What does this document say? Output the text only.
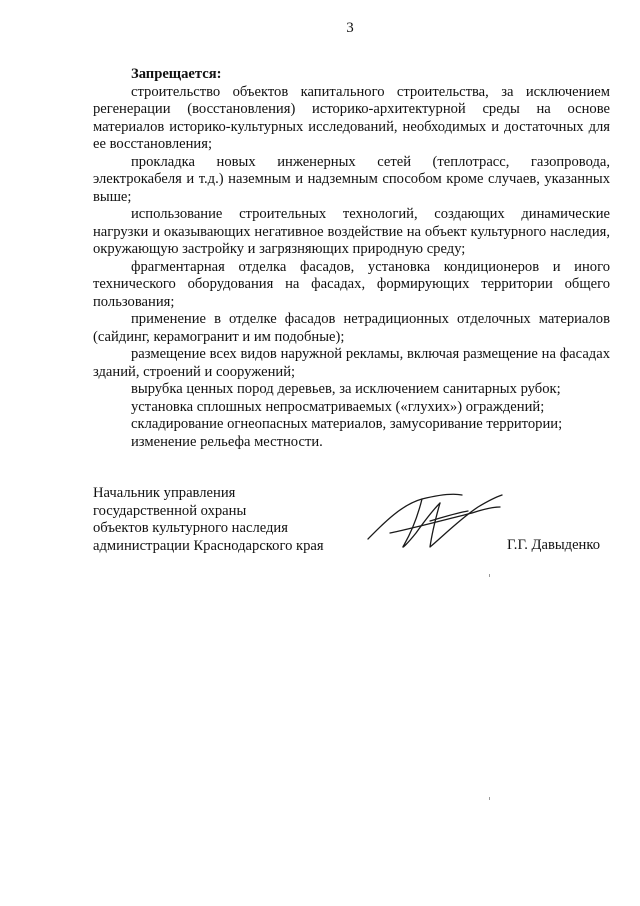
3
Запрещается:

строительство объектов капитального строительства, за исключением регенерации (восстановления) историко-архитектурной среды на основе материалов историко-культурных исследований, необходимых и достаточных для ее восстановления;

прокладка новых инженерных сетей (теплотрасс, газопровода, электрокабеля и т.д.) наземным и надземным способом кроме случаев, указанных выше;

использование строительных технологий, создающих динамические нагрузки и оказывающих негативное воздействие на объект культурного наследия, окружающую застройку и загрязняющих природную среду;

фрагментарная отделка фасадов, установка кондиционеров и иного технического оборудования на фасадах, формирующих территории общего пользования;

применение в отделке фасадов нетрадиционных отделочных материалов (сайдинг, керамогранит и им подобные);

размещение всех видов наружной рекламы, включая размещение на фасадах зданий, строений и сооружений;

вырубка ценных пород деревьев, за исключением санитарных рубок;

установка сплошных непросматриваемых («глухих») ограждений;

складирование огнеопасных материалов, замусоривание территории;

изменение рельефа местности.

Начальник управления
государственной охраны
объектов культурного наследия
администрации Краснодарского края	Г.Г. Давыденко
